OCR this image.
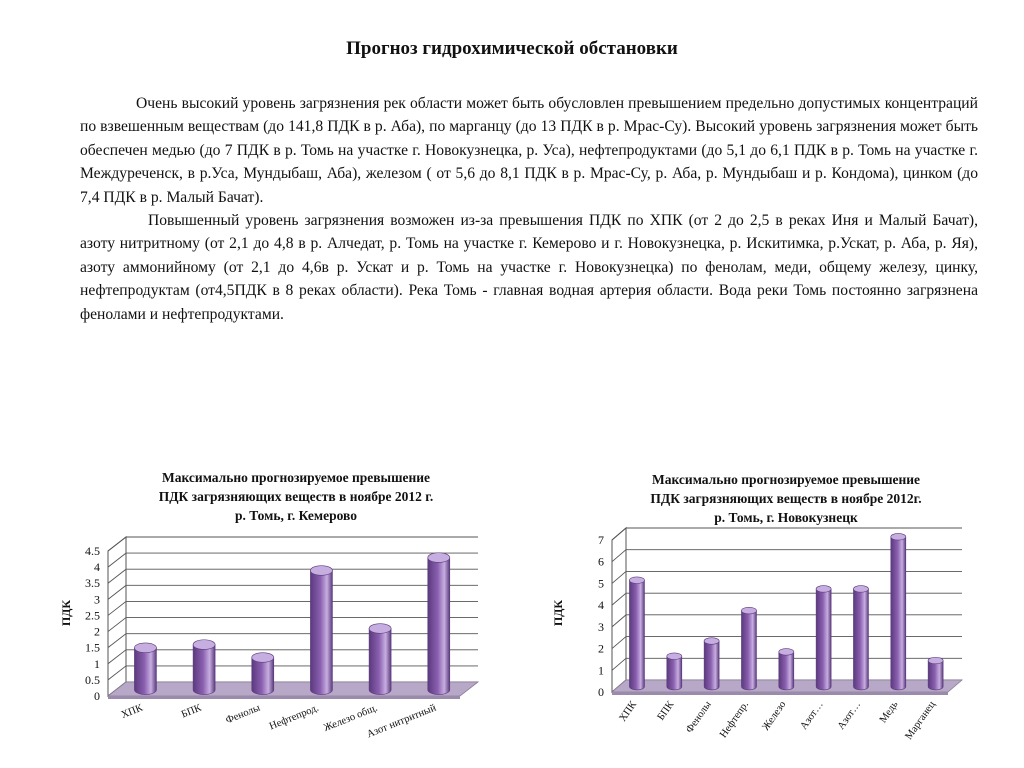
Прогноз гидрохимической обстановки

Очень высокий уровень загрязнения рек области может быть обусловлен превышением предельно допустимых концентраций по взвешенным веществам (до 141,8 ПДК в р. Аба), по марганцу (до 13 ПДК в р. Мрас-Су). Высокий уровень загрязнения может быть обеспечен медью (до 7 ПДК в р. Томь на участке г. Новокузнецка, р. Уса), нефтепродуктами (до 5,1 до 6,1 ПДК в р. Томь на участке г. Междуреченск, в р.Уса, Мундыбаш, Аба), железом ( от 5,6 до 8,1 ПДК в р. Мрас-Су, р. Аба, р. Мундыбаш и р. Кондома), цинком (до 7,4 ПДК в р. Малый Бачат).

Повышенный уровень загрязнения возможен из-за превышения ПДК по ХПК (от 2 до 2,5 в реках Иня и Малый Бачат), азоту нитритному (от 2,1 до 4,8 в р. Алчедат, р. Томь на участке г. Кемерово и г. Новокузнецка, р. Искитимка, р.Ускат, р. Аба, р. Яя), азоту аммонийному (от 2,1 до 4,6в р. Ускат и р. Томь на участке г. Новокузнецка) по фенолам, меди, общему железу, цинку, нефтепродуктам (от4,5ПДК в 8 реках области). Река Томь - главная водная артерия области. Вода реки Томь постоянно загрязнена фенолами и нефтепродуктами.

Максимально прогнозируемое превышение
ПДК загрязняющих веществ в ноябре 2012 г.
р. Томь, г. Кемерово
Максимально прогнозируемое превышение
ПДК загрязняющих веществ в ноябре 2012г.
р. Томь, г. Новокузнецк
0
0.5
1
1.5
2
2.5
3
3.5
4
4.5
ПДК
ХПК	БПК Фенолы Нефтепрод. Железо общ.
Азот нитритный
0
1
2
3
4
5
6
7
ПДК
ХПК БПК Фенолы Нефтепр. Железо Азот… Азот… Медь Марганец
